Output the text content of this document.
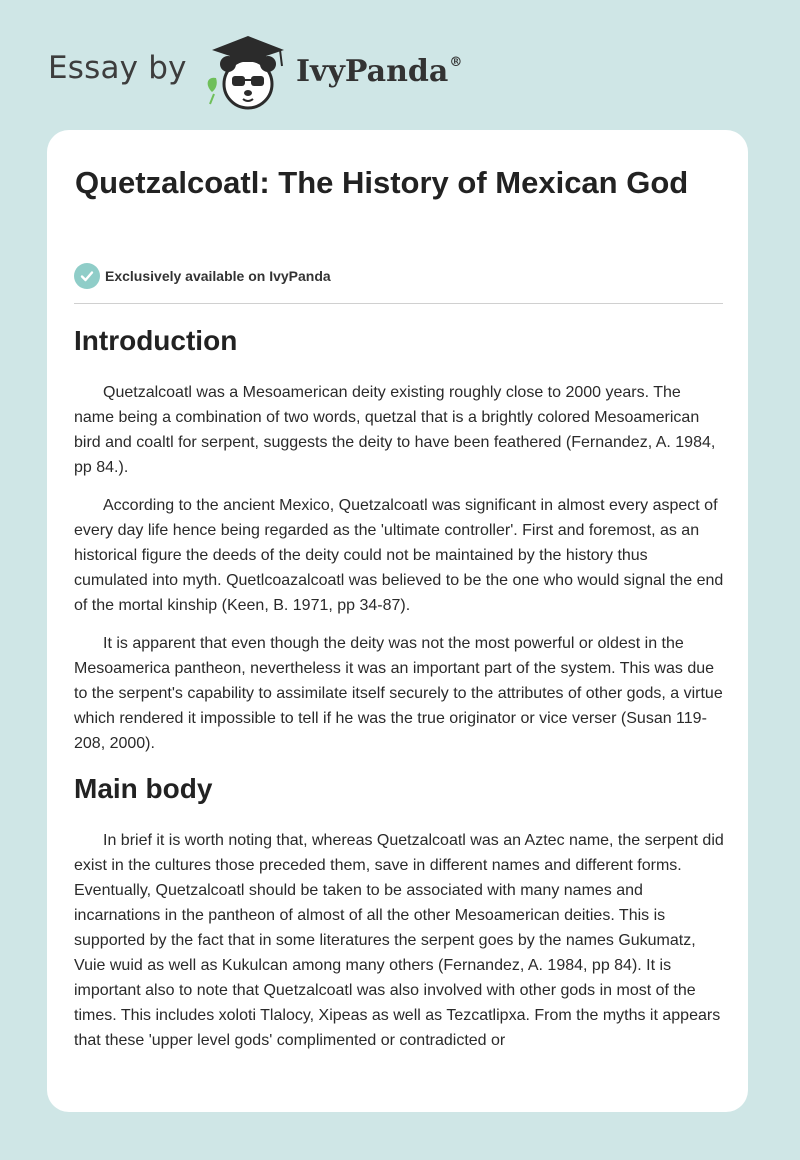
Essay by	IvyPanda®
Quetzalcoatl: The History of Mexican God
Exclusively available on IvyPanda
Introduction

Quetzalcoatl was a Mesoamerican deity existing roughly close to 2000 years. The name being a combination of two words, quetzal that is a brightly colored Mesoamerican bird and coaltl for serpent, suggests the deity to have been feathered (Fernandez, A. 1984, pp 84.).

According to the ancient Mexico, Quetzalcoatl was significant in almost every aspect of every day life hence being regarded as the 'ultimate controller'. First and foremost, as an historical figure the deeds of the deity could not be maintained by the history thus cumulated into myth. Quetlcoazalcoatl was believed to be the one who would signal the end of the mortal kinship (Keen, B. 1971, pp 34-87).

It is apparent that even though the deity was not the most powerful or oldest in the Mesoamerica pantheon, nevertheless it was an important part of the system. This was due to the serpent's capability to assimilate itself securely to the attributes of other gods, a virtue which rendered it impossible to tell if he was the true originator or vice verser (Susan 119-208, 2000).

Main body

In brief it is worth noting that, whereas Quetzalcoatl was an Aztec name, the serpent did exist in the cultures those preceded them, save in different names and different forms. Eventually, Quetzalcoatl should be taken to be associated with many names and incarnations in the pantheon of almost of all the other Mesoamerican deities. This is supported by the fact that in some literatures the serpent goes by the names Gukumatz, Vuie wuid as well as Kukulcan among many others (Fernandez, A. 1984, pp 84). It is important also to note that Quetzalcoatl was also involved with other gods in most of the times. This includes xoloti Tlalocy, Xipeas as well as Tezcatlipxa. From the myths it appears that these 'upper level gods' complimented or contradicted or
